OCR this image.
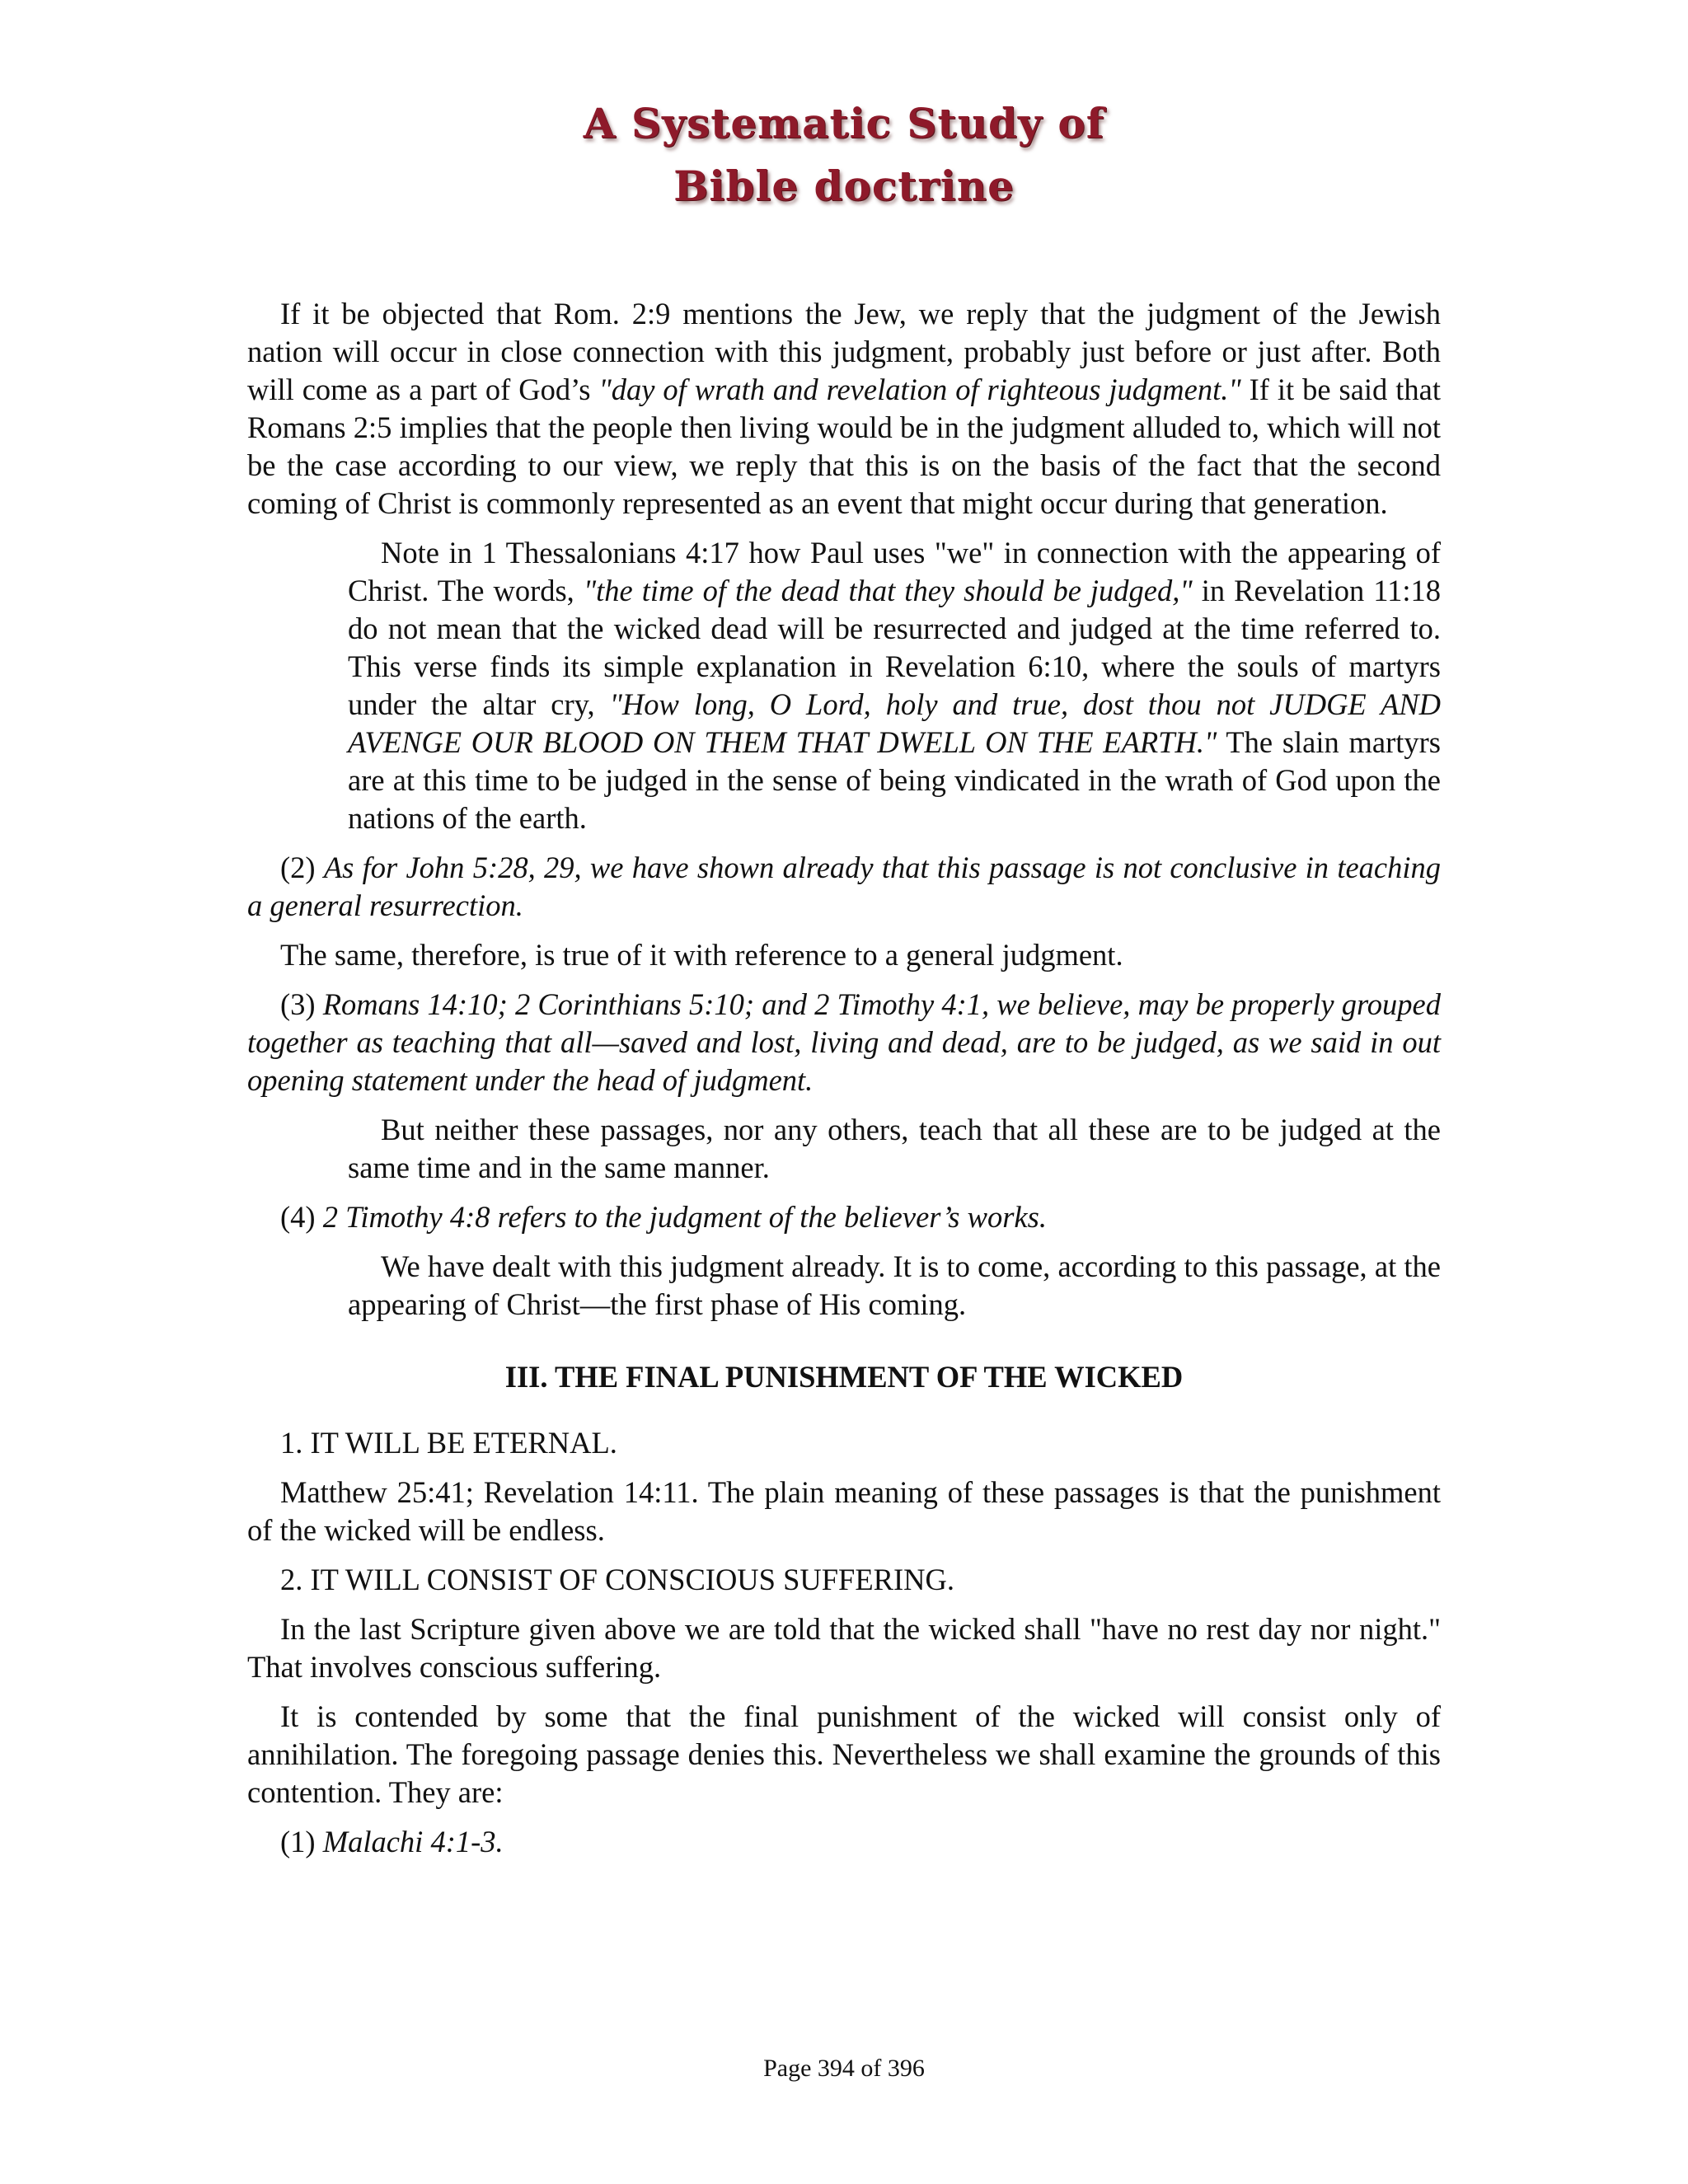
A Systematic Study of
Bible doctrine

If it be objected that Rom. 2:9 mentions the Jew, we reply that the judgment of the Jewish nation will occur in close connection with this judgment, probably just before or just after. Both will come as a part of God’s "day of wrath and revelation of righteous judgment." If it be said that Romans 2:5 implies that the people then living would be in the judgment alluded to, which will not be the case according to our view, we reply that this is on the basis of the fact that the second coming of Christ is commonly represented as an event that might occur during that generation.

Note in 1 Thessalonians 4:17 how Paul uses "we" in connection with the appearing of Christ. The words, "the time of the dead that they should be judged," in Revelation 11:18 do not mean that the wicked dead will be resurrected and judged at the time referred to. This verse finds its simple explanation in Revelation 6:10, where the souls of martyrs under the altar cry, "How long, O Lord, holy and true, dost thou not JUDGE AND AVENGE OUR BLOOD ON THEM THAT DWELL ON THE EARTH." The slain martyrs are at this time to be judged in the sense of being vindicated in the wrath of God upon the nations of the earth.

(2) As for John 5:28, 29, we have shown already that this passage is not conclusive in teaching a general resurrection.

The same, therefore, is true of it with reference to a general judgment.

(3) Romans 14:10; 2 Corinthians 5:10; and 2 Timothy 4:1, we believe, may be properly grouped together as teaching that all—saved and lost, living and dead, are to be judged, as we said in out opening statement under the head of judgment.

But neither these passages, nor any others, teach that all these are to be judged at the same time and in the same manner.

(4) 2 Timothy 4:8 refers to the judgment of the believer’s works.

We have dealt with this judgment already. It is to come, according to this passage, at the appearing of Christ—the first phase of His coming.

III. THE FINAL PUNISHMENT OF THE WICKED

1. IT WILL BE ETERNAL.

Matthew 25:41; Revelation 14:11. The plain meaning of these passages is that the punishment of the wicked will be endless.

2. IT WILL CONSIST OF CONSCIOUS SUFFERING.

In the last Scripture given above we are told that the wicked shall "have no rest day nor night." That involves conscious suffering.

It is contended by some that the final punishment of the wicked will consist only of annihilation. The foregoing passage denies this. Nevertheless we shall examine the grounds of this contention. They are:

(1) Malachi 4:1-3.

Page 394 of 396
